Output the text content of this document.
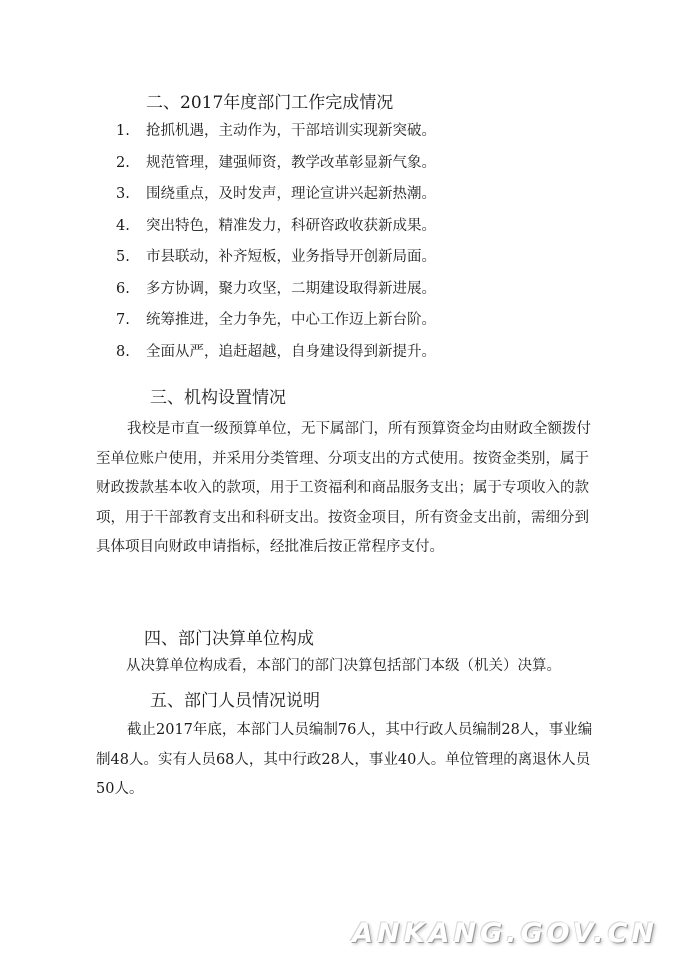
二、2017年度部门工作完成情况
1. 抢抓机遇，主动作为，干部培训实现新突破。
2. 规范管理，建强师资，教学改革彰显新气象。
3. 围绕重点，及时发声，理论宣讲兴起新热潮。
4. 突出特色，精准发力，科研咨政收获新成果。
5. 市县联动，补齐短板，业务指导开创新局面。
6. 多方协调，聚力攻坚，二期建设取得新进展。
7. 统筹推进，全力争先，中心工作迈上新台阶。
8. 全面从严，追赶超越，自身建设得到新提升。
三、机构设置情况

我校是市直一级预算单位，无下属部门，所有预算资金均由财政全额拨付至单位账户使用，并采用分类管理、分项支出的方式使用。按资金类别，属于财政拨款基本收入的款项，用于工资福利和商品服务支出；属于专项收入的款项，用于干部教育支出和科研支出。按资金项目，所有资金支出前，需细分到具体项目向财政申请指标，经批准后按正常程序支付。

四、部门决算单位构成

从决算单位构成看，本部门的部门决算包括部门本级（机关）决算。

五、部门人员情况说明

截止2017年底，本部门人员编制76人，其中行政人员编制28人，事业编制48人。实有人员68人，其中行政28人，事业40人。单位管理的离退休人员50人。

ANKANG.GOV.CN
